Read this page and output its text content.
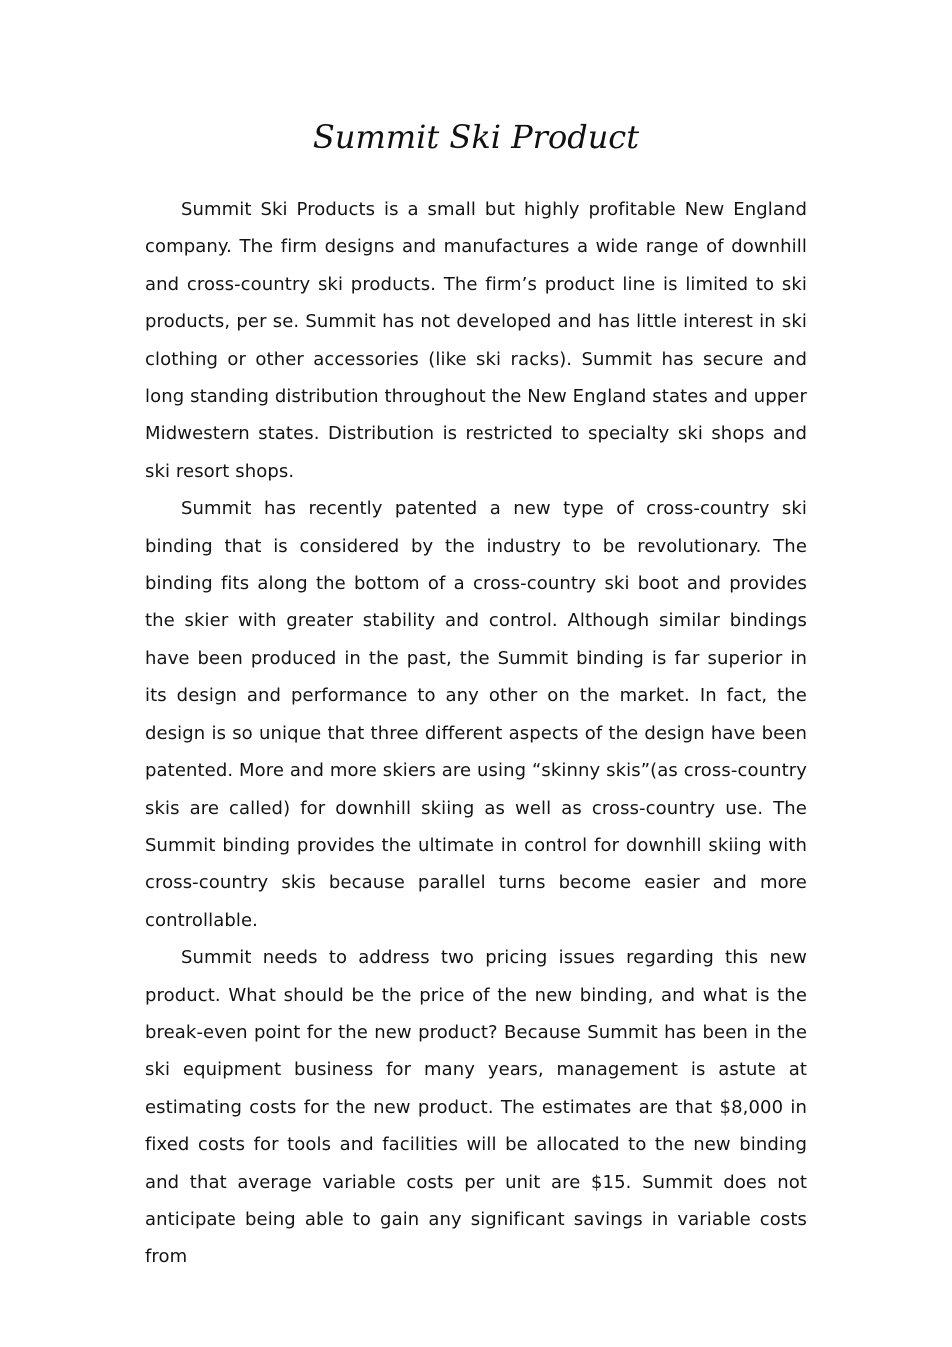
Summit Ski Product

Summit Ski Products is a small but highly profitable New England company. The firm designs and manufactures a wide range of downhill and cross-country ski products. The firm’s product line is limited to ski products, per se. Summit has not developed and has little interest in ski clothing or other accessories (like ski racks). Summit has secure and long standing distribution throughout the New England states and upper Midwestern states. Distribution is restricted to specialty ski shops and ski resort shops.

Summit has recently patented a new type of cross-country ski binding that is considered by the industry to be revolutionary. The binding fits along the bottom of a cross-country ski boot and provides the skier with greater stability and control. Although similar bindings have been produced in the past, the Summit binding is far superior in its design and performance to any other on the market. In fact, the design is so unique that three different aspects of the design have been patented. More and more skiers are using “skinny skis”(as cross-country skis are called) for downhill skiing as well as cross-country use. The Summit binding provides the ultimate in control for downhill skiing with cross-country skis because parallel turns become easier and more controllable.

Summit needs to address two pricing issues regarding this new product. What should be the price of the new binding, and what is the break-even point for the new product? Because Summit has been in the ski equipment business for many years, management is astute at estimating costs for the new product. The estimates are that $8,000 in fixed costs for tools and facilities will be allocated to the new binding and that average variable costs per unit are $15. Summit does not anticipate being able to gain any significant savings in variable costs from
